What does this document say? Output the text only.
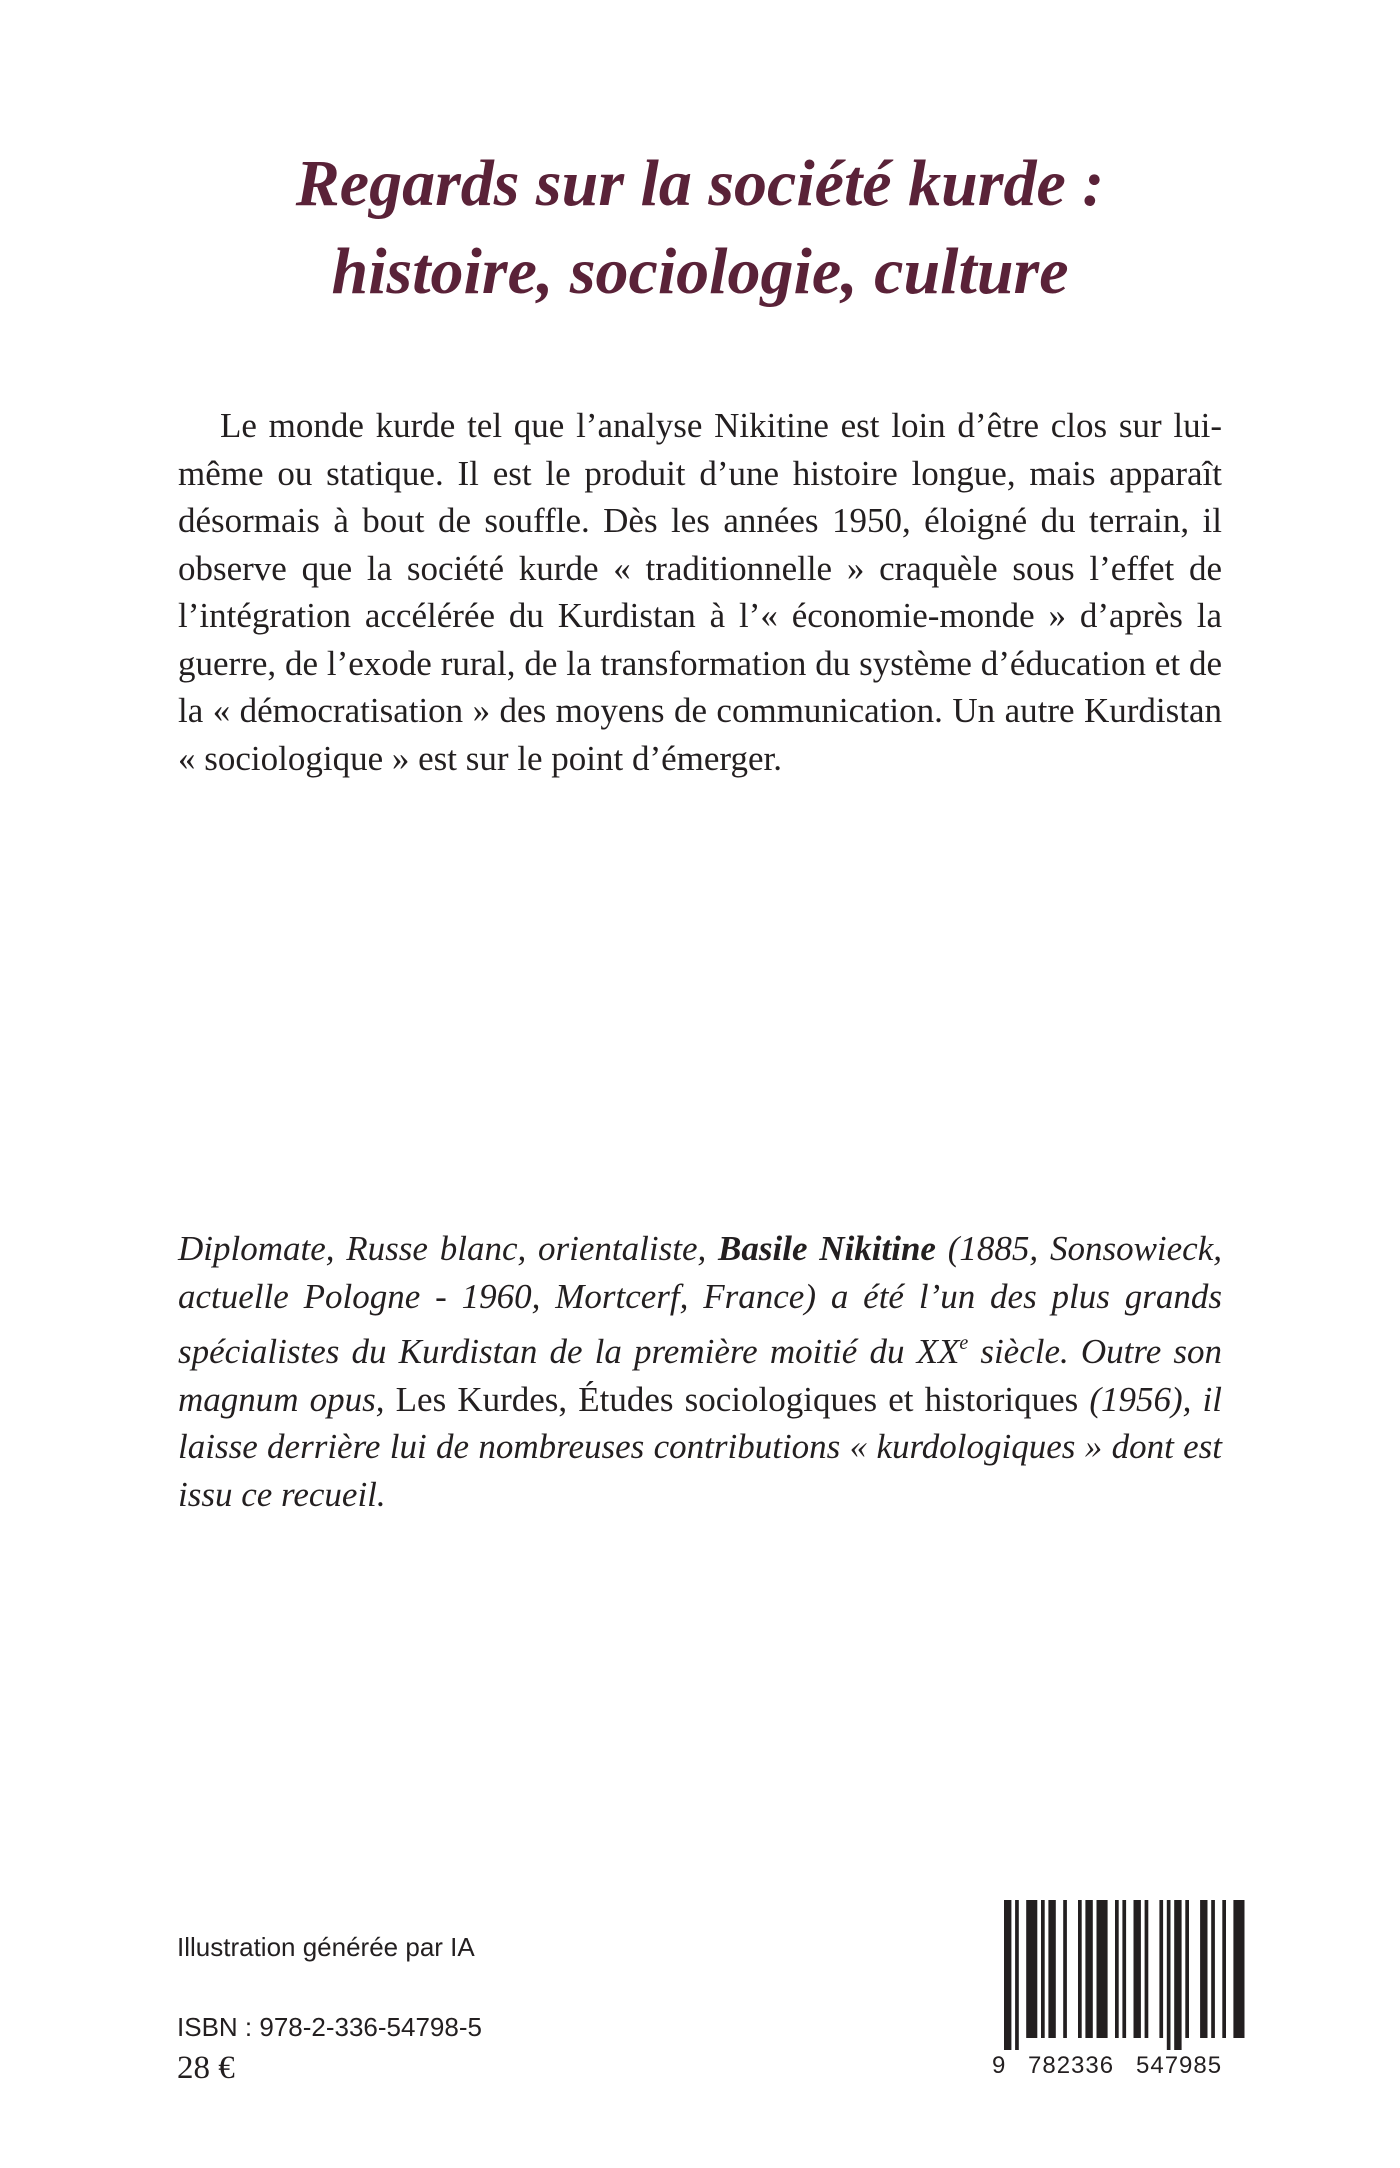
Regards sur la société kurde :
histoire, sociologie, culture
Le monde kurde tel que l’analyse Nikitine est loin d’être clos sur lui-même ou statique. Il est le produit d’une histoire longue, mais apparaît désormais à bout de souffle. Dès les années 1950, éloigné du terrain, il observe que la société kurde « traditionnelle » craquèle sous l’effet de l’intégration accélérée du Kurdistan à l’« économie-monde » d’après la guerre, de l’exode rural, de la transformation du système d’éducation et de la « démocratisation » des moyens de communication. Un autre Kurdistan « sociologique » est sur le point d’émerger.
Diplomate, Russe blanc, orientaliste, Basile Nikitine (1885, Sonsowieck, actuelle Pologne - 1960, Mortcerf, France) a été l’un des plus grands spécialistes du Kurdistan de la première moitié du XXe siècle. Outre son magnum opus, Les Kurdes, Études sociologiques et historiques (1956), il laisse derrière lui de nombreuses contributions « kurdologiques » dont est issu ce recueil.

Illustration générée par IA

ISBN : 978-2-336-54798-5
28 €	9 782336 547985
